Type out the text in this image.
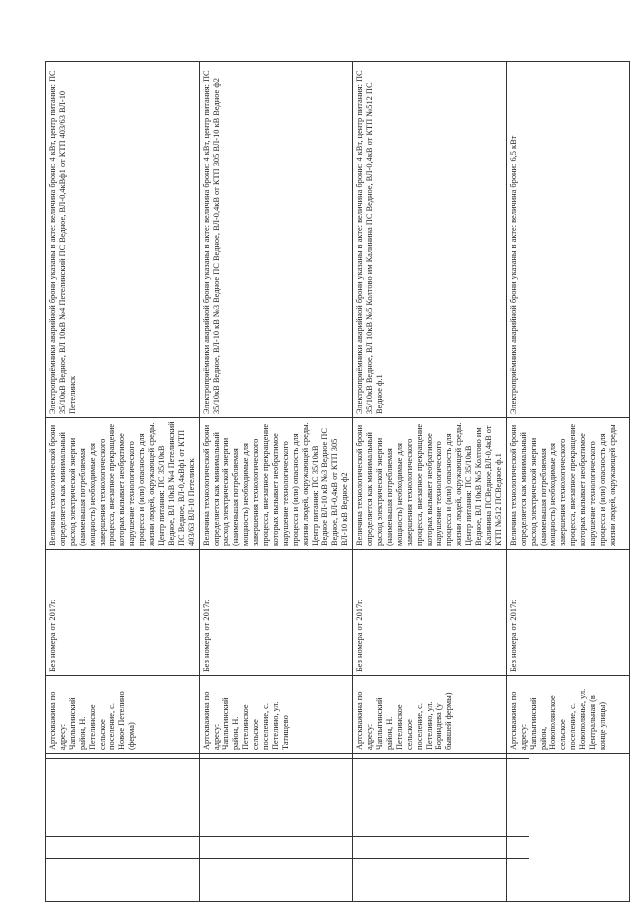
	Артскважина по адресу: Чаплыгинский район, Н. Петелинское сельское поселение, с. Новое Петелино (ферма)	Без номера от 2017г.	Величина технологической брони определяется как минимальный расход электрической энергии (наименьшая потребляемая мощность) необходимые для завершения технологического процесса, внезапное прекращение которых вызывает необратимое нарушение технологического процесса и (или) опасность для жизни людей, окружающей среды. Центр питания: ПС 35/10кВ Ведное, ВЛ 10кВ №4 Петелинский ПС Ведное, ВЛ-0,4кВф1 от КТП 403/63 ВЛ-10 Петелинск	Электроприёмники аварийной брони указаны в акте: величина брони: 4 кВт, центр питания: ПС 35/10кВ Ведное, ВЛ 10кВ №4 Петелинский ПС Ведное, ВЛ-0,4кВф1 от КТП 403/63 ВЛ-10 Петелинск

	Артскважина по адресу: Чаплыгинский район, Н. Петелинское сельское поселение, с. Петелино, ул. Татищево	Без номера от 2017г.	Величина технологической брони определяется как минимальный расход электрической энергии (наименьшая потребляемая мощность) необходимые для завершения технологического процесса, внезапное прекращение которых вызывает необратимое нарушение технологического процесса и (или) опасность для жизни людей, окружающей среды. Центр питания: ПС 35/10кВ Ведное ВЛ-10 кВ №3 Ведное ПС Ведное, ВЛ-0,4кВ от КТП 305 ВЛ-10 кВ Ведное ф2	Электроприёмники аварийной брони указаны в акте: величина брони: 4 кВт, центр питания: ПС 35/10кВ Ведное, ВЛ-10 кВ №3 Ведное ПС Ведное, ВЛ-0,4кВ от КТП 305 ВЛ-10 кВ Ведное ф2

	Артскважина по адресу: Чаплыгинский район, Н. Петелинское сельское поселение, с. Петелино, ул. Бориндева (у бывшей фермы)	Без номера от 2017г.	Величина технологической брони определяется как минимальный расход электрической энергии (наименьшая потребляемая мощность) необходимые для завершения технологического процесса, внезапное прекращение которых вызывает необратимое нарушение технологического процесса и (или) опасность для жизни людей, окружающей среды. Центр питания: ПС 35/10кВ Ведное, ВЛ 10кВ №5 Колтово им Калинина ПСВедное,ВЛ-0,4кВ от КТП №512 ПСВедное ф.1	Электроприёмники аварийной брони указаны в акте: величина брони: 4 кВт, центр питания: ПС 35/10кВ Ведное, ВЛ 10кВ №5 Колтово им Калинина ПС Ведное, ВЛ-0,4кВ от КТП №512 ПС Ведное ф.1

	Артскважина по адресу: Чаплыгинский район, Новополянское сельское поселение, с. Новополянье, ул. Центральная (в конце улицы)	Без номера от 2017г.	Величина технологической брони определяется как минимальный расход электрической энергии (наименьшая потребляемая мощность) необходимые для завершения технологического процесса, внезапное прекращение которых вызывает необратимое нарушение технологического процесса и (или) опасность для жизни людей, окружающей среды	Электроприёмники аварийной брони указаны в акте: величина брони: 6,5 кВт
